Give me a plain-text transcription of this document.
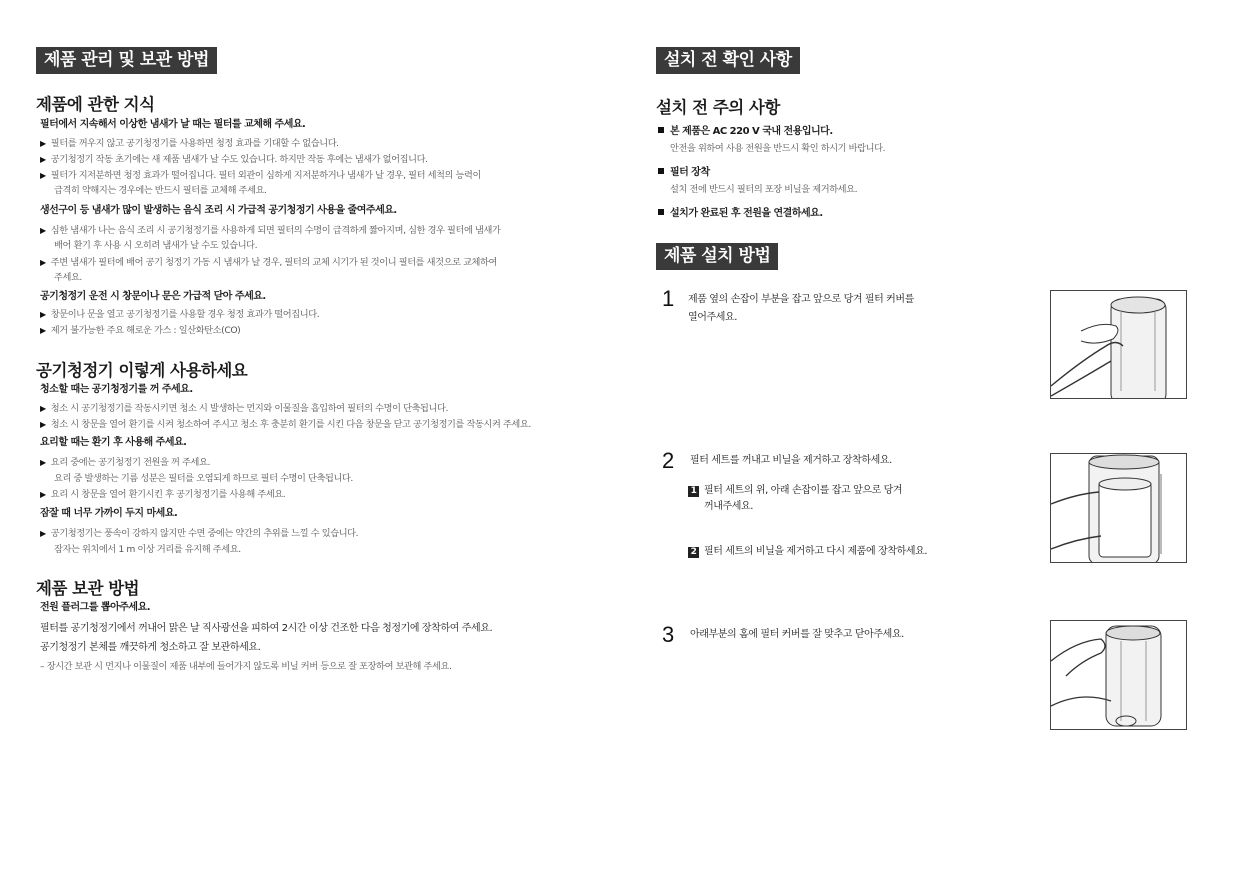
제품 관리 및 보관 방법
제품에 관한 지식
필터에서 지속해서 이상한 냄새가 날 때는 필터를 교체해 주세요.
▶ 필터를 꺼우지 않고 공기청정기를 사용하면 청정 효과를 기대할 수 없습니다.
▶ 공기청정기 작동 초기에는 새 제품 냄새가 날 수도 있습니다. 하지만 작동 후에는 냄새가 없어집니다.
▶ 필터가 지저분하면 청정 효과가 떨어집니다. 필터 외관이 심하게 지저분하거나 냄새가 날 경우, 필터 세척의 능력이
급격히 약해지는 경우에는 반드시 필터를 교체해 주세요.
생선구이 등 냄새가 많이 발생하는 음식 조리 시 가급적 공기청정기 사용을 줄여주세요.
▶ 심한 냄새가 나는 음식 조리 시 공기청정기를 사용하게 되면 필터의 수명이 급격하게 짧아지며, 심한 경우 필터에 냄새가
배어 환기 후 사용 시 오히려 냄새가 날 수도 있습니다.
▶ 주변 냄새가 필터에 배어 공기 청정기 가동 시 냄새가 날 경우, 필터의 교체 시기가 된 것이니 필터를 새것으로 교체하여
주세요.
공기청정기 운전 시 창문이나 문은 가급적 닫아 주세요.
▶ 창문이나 문을 열고 공기청정기를 사용할 경우 청정 효과가 떨어집니다.
▶ 제거 불가능한 주요 해로운 가스 : 일산화탄소(CO)
공기청정기 이렇게 사용하세요
청소할 때는 공기청정기를 꺼 주세요.
▶ 청소 시 공기청정기를 작동시키면 청소 시 발생하는 먼지와 이물질을 흡입하여 필터의 수명이 단축됩니다.
▶ 청소 시 창문을 열어 환기를 시켜 청소하여 주시고 청소 후 충분히 환기를 시킨 다음 창문을 닫고 공기청정기를 작동시켜 주세요.
요리할 때는 환기 후 사용해 주세요.
▶ 요리 중에는 공기청정기 전원을 꺼 주세요.
요리 중 발생하는 기름 성분은 필터를 오염되게 하므로 필터 수명이 단축됩니다.
▶ 요리 시 창문을 열어 환기시킨 후 공기청정기를 사용해 주세요.
잠잘 때 너무 가까이 두지 마세요.
▶ 공기청정기는 풍속이 강하지 않지만 수면 중에는 약간의 추위를 느낄 수 있습니다.
잠자는 위치에서 1 m 이상 거리를 유지해 주세요.
제품 보관 방법
전원 플러그를 뽑아주세요.
필터를 공기청정기에서 꺼내어 맑은 날 직사광선을 피하여 2시간 이상 건조한 다음 청정기에 장착하여 주세요.
공기청정기 본체를 깨끗하게 청소하고 잘 보관하세요.
– 장시간 보관 시 먼지나 이물질이 제품 내부에 들어가지 않도록 비닐 커버 등으로 잘 포장하여 보관해 주세요.
설치 전 확인 사항
설치 전 주의 사항
본 제품은 AC 220 V 국내 전용입니다.
안전을 위하여 사용 전원을 반드시 확인 하시기 바랍니다.
필터 장착
설치 전에 반드시 필터의 포장 비닐을 제거하세요.
설치가 완료된 후 전원을 연결하세요.
제품 설치 방법
1 제품 옆의 손잡이 부분을 잡고 앞으로 당겨 필터 커버를
열어주세요.
2 필터 세트를 꺼내고 비닐을 제거하고 장착하세요.
1 필터 세트의 위, 아래 손잡이를 잡고 앞으로 당겨
꺼내주세요.
2 필터 세트의 비닐을 제거하고 다시 제품에 장착하세요.
3 아래부분의 홈에 필터 커버를 잘 맞추고 닫아주세요.
